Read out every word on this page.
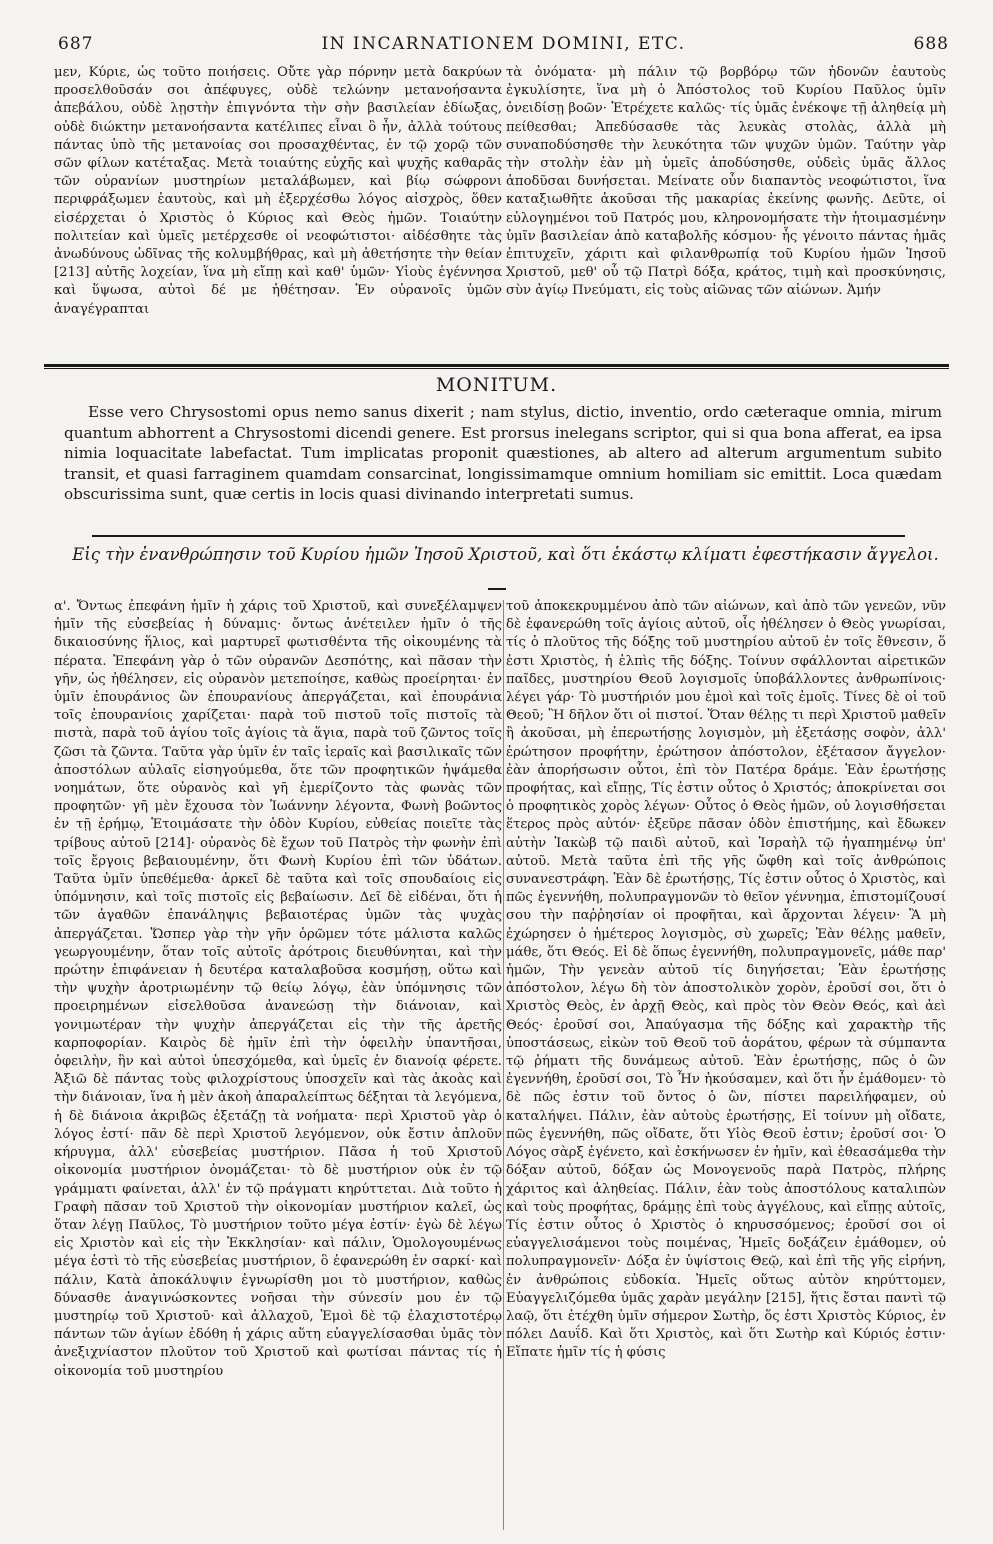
687	IN INCARNATIONEM DOMINI, ETC.	688

μεν, Κύριε, ὡς τοῦτο ποιήσεις. Οὔτε γὰρ πόρνην μετὰ δακρύων προσελθοῦσάν σοι ἀπέφυγες, οὐδὲ τελώνην μετανοήσαντα ἀπεβάλου, οὐδὲ λῃστὴν ἐπιγνόντα τὴν σὴν βασιλείαν ἐδίωξας, οὐδὲ διώκτην μετανοήσαντα κατέλιπες εἶναι ὃ ἦν, ἀλλὰ τούτους πάντας ὑπὸ τῆς μετανοίας σοι προσαχθέντας, ἐν τῷ χορῷ τῶν σῶν φίλων κατέταξας. Μετὰ τοιαύτης εὐχῆς καὶ ψυχῆς καθαρᾶς τῶν οὐρανίων μυστηρίων μεταλάβωμεν, καὶ βίῳ σώφρονι περιφράξωμεν ἑαυτοὺς, καὶ μὴ ἐξερχέσθω λόγος αἰσχρὸς, ὅθεν εἰσέρχεται ὁ Χριστὸς ὁ Κύριος καὶ Θεὸς ἡμῶν. Τοιαύτην πολιτείαν καὶ ὑμεῖς μετέρχεσθε οἱ νεοφώτιστοι· αἰδέσθητε τὰς ἀνωδύνους ὠδῖνας τῆς κολυμβήθρας, καὶ μὴ ἀθετήσητε τὴν θείαν [213] αὐτῆς λοχείαν, ἵνα μὴ εἴπῃ καὶ καθ' ὑμῶν· Υἱοὺς ἐγέννησα καὶ ὕψωσα, αὐτοὶ δέ με ἠθέτησαν. Ἐν οὐρανοῖς ὑμῶν ἀναγέγραπται

τὰ ὀνόματα· μὴ πάλιν τῷ βορβόρῳ τῶν ἡδονῶν ἑαυτοὺς ἐγκυλίσητε, ἵνα μὴ ὁ Ἀπόστολος τοῦ Κυρίου Παῦλος ὑμῖν ὀνειδίσῃ βοῶν· Ἐτρέχετε καλῶς· τίς ὑμᾶς ἐνέκοψε τῇ ἀληθείᾳ μὴ πείθεσθαι; Ἀπεδύσασθε τὰς λευκὰς στολὰς, ἀλλὰ μὴ συναποδύσησθε τὴν λευκότητα τῶν ψυχῶν ὑμῶν. Ταύτην γὰρ τὴν στολὴν ἐὰν μὴ ὑμεῖς ἀποδύσησθε, οὐδεὶς ὑμᾶς ἄλλος ἀποδῦσαι δυνήσεται. Μείνατε οὖν διαπαντὸς νεοφώτιστοι, ἵνα καταξιωθῆτε ἀκοῦσαι τῆς μακαρίας ἐκείνης φωνῆς. Δεῦτε, οἱ εὐλογημένοι τοῦ Πατρός μου, κληρονομήσατε τὴν ἡτοιμασμένην ὑμῖν βασιλείαν ἀπὸ καταβολῆς κόσμου· ἧς γένοιτο πάντας ἡμᾶς ἐπιτυχεῖν, χάριτι καὶ φιλανθρωπίᾳ τοῦ Κυρίου ἡμῶν Ἰησοῦ Χριστοῦ, μεθ' οὗ τῷ Πατρὶ δόξα, κράτος, τιμὴ καὶ προσκύνησις, σὺν ἁγίῳ Πνεύματι, εἰς τοὺς αἰῶνας τῶν αἰώνων. Ἀμήν

MONITUM.
Esse vero Chrysostomi opus nemo sanus dixerit ; nam stylus, dictio, inventio, ordo cæteraque omnia, mirum quantum abhorrent a Chrysostomi dicendi genere. Est prorsus inelegans scriptor, qui si qua bona afferat, ea ipsa nimia loquacitate labefactat. Tum implicatas proponit quæstiones, ab altero ad alterum argumentum subito transit, et quasi farraginem quamdam consarcinat, longissimamque omnium homiliam sic emittit. Loca quædam obscurissima sunt, quæ certis in locis quasi divinando interpretati sumus.
Εἰς τὴν ἐνανθρώπησιν τοῦ Κυρίου ἡμῶν Ἰησοῦ Χριστοῦ, καὶ ὅτι ἑκάστῳ κλίματι ἐφεστήκασιν ἄγγελοι.

α'. Ὄντως ἐπεφάνη ἡμῖν ἡ χάρις τοῦ Χριστοῦ, καὶ συνεξέλαμψεν ἡμῖν τῆς εὐσεβείας ἡ δύναμις· ὄντως ἀνέτειλεν ἡμῖν ὁ τῆς δικαιοσύνης ἥλιος, καὶ μαρτυρεῖ φωτισθέντα τῆς οἰκουμένης τὰ πέρατα. Ἐπεφάνη γὰρ ὁ τῶν οὐρανῶν Δεσπότης, καὶ πᾶσαν τὴν γῆν, ὡς ἠθέλησεν, εἰς οὐρανὸν μετεποίησε, καθὼς προείρηται· ἐν ὑμῖν ἐπουράνιος ὢν ἐπουρανίους ἀπεργάζεται, καὶ ἐπουράνια τοῖς ἐπουρανίοις χαρίζεται· παρὰ τοῦ πιστοῦ τοῖς πιστοῖς τὰ πιστὰ, παρὰ τοῦ ἁγίου τοῖς ἁγίοις τὰ ἅγια, παρὰ τοῦ ζῶντος τοῖς ζῶσι τὰ ζῶντα. Ταῦτα γὰρ ὑμῖν ἐν ταῖς ἱεραῖς καὶ βασιλικαῖς τῶν ἀποστόλων αὐλαῖς εἰσηγούμεθα, ὅτε τῶν προφητικῶν ἡψάμεθα νοημάτων, ὅτε οὐρανὸς καὶ γῆ ἐμερίζοντο τὰς φωνὰς τῶν προφητῶν· γῆ μὲν ἔχουσα τὸν Ἰωάννην λέγοντα, Φωνὴ βοῶντος ἐν τῇ ἐρήμῳ, Ἑτοιμάσατε τὴν ὁδὸν Κυρίου, εὐθείας ποιεῖτε τὰς τρίβους αὐτοῦ [214]· οὐρανὸς δὲ ἔχων τοῦ Πατρὸς τὴν φωνὴν ἐπὶ τοῖς ἔργοις βεβαιουμένην, ὅτι Φωνὴ Κυρίου ἐπὶ τῶν ὑδάτων. Ταῦτα ὑμῖν ὑπεθέμεθα· ἀρκεῖ δὲ ταῦτα καὶ τοῖς σπουδαίοις εἰς ὑπόμνησιν, καὶ τοῖς πιστοῖς εἰς βεβαίωσιν. Δεῖ δὲ εἰδέναι, ὅτι ἡ τῶν ἀγαθῶν ἐπανάληψις βεβαιοτέρας ὑμῶν τὰς ψυχὰς ἀπεργάζεται. Ὥσπερ γὰρ τὴν γῆν ὁρῶμεν τότε μάλιστα καλῶς γεωργουμένην, ὅταν τοῖς αὐτοῖς ἀρότροις διευθύνηται, καὶ τὴν πρώτην ἐπιφάνειαν ἡ δευτέρα καταλαβοῦσα κοσμήσῃ, οὕτω καὶ τὴν ψυχὴν ἀροτριωμένην τῷ θείῳ λόγῳ, ἐὰν ὑπόμνησις τῶν προειρημένων εἰσελθοῦσα ἀνανεώσῃ τὴν διάνοιαν, καὶ γονιμωτέραν τὴν ψυχὴν ἀπεργάζεται εἰς τὴν τῆς ἀρετῆς καρποφορίαν. Καιρὸς δὲ ἡμῖν ἐπὶ τὴν ὀφειλὴν ὑπαντῆσαι, ὀφειλὴν, ἣν καὶ αὐτοὶ ὑπεσχόμεθα, καὶ ὑμεῖς ἐν διανοίᾳ φέρετε. Ἀξιῶ δὲ πάντας τοὺς φιλοχρίστους ὑποσχεῖν καὶ τὰς ἀκοὰς καὶ τὴν διάνοιαν, ἵνα ἡ μὲν ἀκοὴ ἀπαραλείπτως δέξηται τὰ λεγόμενα, ἡ δὲ διάνοια ἀκριβῶς ἐξετάζῃ τὰ νοήματα· περὶ Χριστοῦ γὰρ ὁ λόγος ἐστί· πᾶν δὲ περὶ Χριστοῦ λεγόμενον, οὐκ ἔστιν ἁπλοῦν κήρυγμα, ἀλλ' εὐσεβείας μυστήριον. Πᾶσα ἡ τοῦ Χριστοῦ οἰκονομία μυστήριον ὀνομάζεται· τὸ δὲ μυστήριον οὐκ ἐν τῷ γράμματι φαίνεται, ἀλλ' ἐν τῷ πράγματι κηρύττεται. Διὰ τοῦτο ἡ Γραφὴ πᾶσαν τοῦ Χριστοῦ τὴν οἰκονομίαν μυστήριον καλεῖ, ὡς ὅταν λέγῃ Παῦλος, Τὸ μυστήριον τοῦτο μέγα ἐστίν· ἐγὼ δὲ λέγω εἰς Χριστὸν καὶ εἰς τὴν Ἐκκλησίαν· καὶ πάλιν, Ὁμολογουμένως μέγα ἐστὶ τὸ τῆς εὐσεβείας μυστήριον, ὃ ἐφανερώθη ἐν σαρκί· καὶ πάλιν, Κατὰ ἀποκάλυψιν ἐγνωρίσθη μοι τὸ μυστήριον, καθὼς δύνασθε ἀναγινώσκοντες νοῆσαι τὴν σύνεσίν μου ἐν τῷ μυστηρίῳ τοῦ Χριστοῦ· καὶ ἀλλαχοῦ, Ἐμοὶ δὲ τῷ ἐλαχιστοτέρῳ πάντων τῶν ἁγίων ἐδόθη ἡ χάρις αὕτη εὐαγγελίσασθαι ὑμᾶς τὸν ἀνεξιχνίαστον πλοῦτον τοῦ Χριστοῦ καὶ φωτίσαι πάντας τίς ἡ οἰκονομία τοῦ μυστηρίου

τοῦ ἀποκεκρυμμένου ἀπὸ τῶν αἰώνων, καὶ ἀπὸ τῶν γενεῶν, νῦν δὲ ἐφανερώθη τοῖς ἁγίοις αὐτοῦ, οἷς ἠθέλησεν ὁ Θεὸς γνωρίσαι, τίς ὁ πλοῦτος τῆς δόξης τοῦ μυστηρίου αὐτοῦ ἐν τοῖς ἔθνεσιν, ὅ ἐστι Χριστὸς, ἡ ἐλπὶς τῆς δόξης. Τοίνυν σφάλλονται αἱρετικῶν παῖδες, μυστηρίου Θεοῦ λογισμοῖς ὑποβάλλοντες ἀνθρωπίνοις· λέγει γάρ· Τὸ μυστήριόν μου ἐμοὶ καὶ τοῖς ἐμοῖς. Τίνες δὲ οἱ τοῦ Θεοῦ; Ἢ δῆλον ὅτι οἱ πιστοί. Ὅταν θέλῃς τι περὶ Χριστοῦ μαθεῖν ἢ ἀκοῦσαι, μὴ ἐπερωτήσῃς λογισμὸν, μὴ ἐξετάσῃς σοφὸν, ἀλλ' ἐρώτησον προφήτην, ἐρώτησον ἀπόστολον, ἐξέτασον ἄγγελον· ἐὰν ἀπορήσωσιν οὗτοι, ἐπὶ τὸν Πατέρα δράμε. Ἐὰν ἐρωτήσῃς προφήτας, καὶ εἴπῃς, Τίς ἐστιν οὗτος ὁ Χριστός; ἀποκρίνεται σοι ὁ προφητικὸς χορὸς λέγων· Οὗτος ὁ Θεὸς ἡμῶν, οὐ λογισθήσεται ἕτερος πρὸς αὐτόν· ἐξεῦρε πᾶσαν ὁδὸν ἐπιστήμης, καὶ ἔδωκεν αὐτὴν Ἰακὼβ τῷ παιδὶ αὐτοῦ, καὶ Ἰσραὴλ τῷ ἠγαπημένῳ ὑπ' αὐτοῦ. Μετὰ ταῦτα ἐπὶ τῆς γῆς ὤφθη καὶ τοῖς ἀνθρώποις συνανεστράφη. Ἐὰν δὲ ἐρωτήσῃς, Τίς ἐστιν οὗτος ὁ Χριστὸς, καὶ πῶς ἐγεννήθη, πολυπραγμονῶν τὸ θεῖον γέννημα, ἐπιστομίζουσί σου τὴν παῤῥησίαν οἱ προφῆται, καὶ ἄρχονται λέγειν· Ἃ μὴ ἐχώρησεν ὁ ἡμέτερος λογισμὸς, σὺ χωρεῖς; Ἐὰν θέλῃς μαθεῖν, μάθε, ὅτι Θεός. Εἰ δὲ ὅπως ἐγεννήθη, πολυπραγμονεῖς, μάθε παρ' ἡμῶν, Τὴν γενεὰν αὐτοῦ τίς διηγήσεται; Ἐὰν ἐρωτήσῃς ἀπόστολον, λέγω δὴ τὸν ἀποστολικὸν χορὸν, ἐροῦσί σοι, ὅτι ὁ Χριστὸς Θεὸς, ἐν ἀρχῇ Θεὸς, καὶ πρὸς τὸν Θεὸν Θεός, καὶ ἀεὶ Θεός· ἐροῦσί σοι, Ἀπαύγασμα τῆς δόξης καὶ χαρακτὴρ τῆς ὑποστάσεως, εἰκὼν τοῦ Θεοῦ τοῦ ἀοράτου, φέρων τὰ σύμπαντα τῷ ῥήματι τῆς δυνάμεως αὐτοῦ. Ἐὰν ἐρωτήσῃς, πῶς ὁ ὢν ἐγεννήθη, ἐροῦσί σοι, Τὸ Ἦν ἠκούσαμεν, καὶ ὅτι ἦν ἐμάθομεν· τὸ δὲ πῶς ἐστιν τοῦ ὄντος ὁ ὢν, πίστει παρειλήφαμεν, οὐ καταλήψει. Πάλιν, ἐὰν αὐτοὺς ἐρωτήσῃς, Εἰ τοίνυν μὴ οἴδατε, πῶς ἐγεννήθη, πῶς οἴδατε, ὅτι Υἱὸς Θεοῦ ἐστιν; ἐροῦσί σοι· Ὁ Λόγος σὰρξ ἐγένετο, καὶ ἐσκήνωσεν ἐν ἡμῖν, καὶ ἐθεασάμεθα τὴν δόξαν αὐτοῦ, δόξαν ὡς Μονογενοῦς παρὰ Πατρὸς, πλήρης χάριτος καὶ ἀληθείας. Πάλιν, ἐὰν τοὺς ἀποστόλους καταλιπὼν καὶ τοὺς προφήτας, δράμῃς ἐπὶ τοὺς ἀγγέλους, καὶ εἴπῃς αὐτοῖς, Τίς ἐστιν οὗτος ὁ Χριστὸς ὁ κηρυσσόμενος; ἐροῦσί σοι οἱ εὐαγγελισάμενοι τοὺς ποιμένας, Ἡμεῖς δοξάζειν ἐμάθομεν, οὐ πολυπραγμονεῖν· Δόξα ἐν ὑψίστοις Θεῷ, καὶ ἐπὶ τῆς γῆς εἰρήνη, ἐν ἀνθρώποις εὐδοκία. Ἡμεῖς οὕτως αὐτὸν κηρύττομεν, Εὐαγγελιζόμεθα ὑμᾶς χαρὰν μεγάλην [215], ἥτις ἔσται παντὶ τῷ λαῷ, ὅτι ἐτέχθη ὑμῖν σήμερον Σωτὴρ, ὅς ἐστι Χριστὸς Κύριος, ἐν πόλει Δαυΐδ. Καὶ ὅτι Χριστὸς, καὶ ὅτι Σωτὴρ καὶ Κύριός ἐστιν· Εἴπατε ἡμῖν τίς ἡ φύσις
